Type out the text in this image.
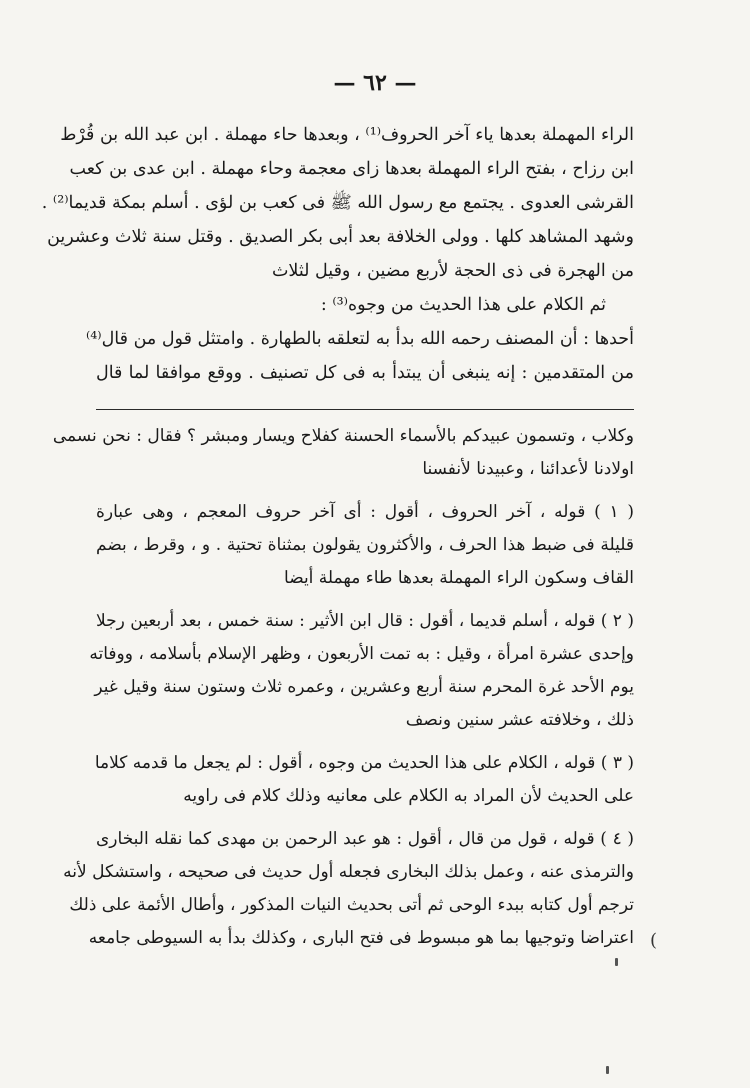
— ٦٢ —
الراء المهملة بعدها ياء آخر الحروف⁽¹⁾ ، وبعدها حاء مهملة . ابن عبد الله بن قُرْط
ابن رزاح ، بفتح الراء المهملة بعدها زاى معجمة وحاء مهملة . ابن عدى بن كعب
القرشى العدوى . يجتمع مع رسول الله ﷺ فى كعب بن لؤى . أسلم بمكة قديما⁽²⁾ .
وشهد المشاهد كلها . وولى الخلافة بعد أبى بكر الصديق . وقتل سنة ثلاث وعشرين
من الهجرة فى ذى الحجة لأربع مضين ، وقيل لثلاث
ثم الكلام على هذا الحديث من وجوه⁽³⁾ :
أحدها : أن المصنف رحمه الله بدأ به لتعلقه بالطهارة . وامتثل قول من قال⁽⁴⁾
من المتقدمين : إنه ينبغى أن يبتدأ به فى كل تصنيف . ووقع موافقا لما قال
وكلاب ، وتسمون عبيدكم بالأسماء الحسنة كفلاح ويسار ومبشر ؟ فقال : نحن نسمى
اولادنا لأعدائنا ، وعبيدنا لأنفسنا
( ١ ) قوله ، آخر الحروف ، أقول : أى آخر حروف المعجم ، وهى عبارة
قليلة فى ضبط هذا الحرف ، والأكثرون يقولون بمثناة تحتية . و ، وقرط ، بضم
القاف وسكون الراء المهملة بعدها طاء مهملة أيضا
( ٢ ) قوله ، أسلم قديما ، أقول : قال ابن الأثير : سنة خمس ، بعد أربعين رجلا
وإحدى عشرة امرأة ، وقيل : به تمت الأربعون ، وظهر الإسلام بأسلامه ، ووفاته
يوم الأحد غرة المحرم سنة أربع وعشرين ، وعمره ثلاث وستون سنة وقيل غير
ذلك ، وخلافته عشر سنين ونصف
( ٣ ) قوله ، الكلام على هذا الحديث من وجوه ، أقول : لم يجعل ما قدمه كلاما
على الحديث لأن المراد به الكلام على معانيه وذلك كلام فى راويه
( ٤ ) قوله ، قول من قال ، أقول : هو عبد الرحمن بن مهدى كما نقله البخارى
والترمذى عنه ، وعمل بذلك البخارى فجعله أول حديث فى صحيحه ، واستشكل لأنه
ترجم أول كتابه ببدء الوحى ثم أتى بحديث النيات المذكور ، وأطال الأئمة على ذلك
اعتراضا وتوجيها بما هو مبسوط فى فتح البارى ، وكذلك بدأ به السيوطى جامعه (
